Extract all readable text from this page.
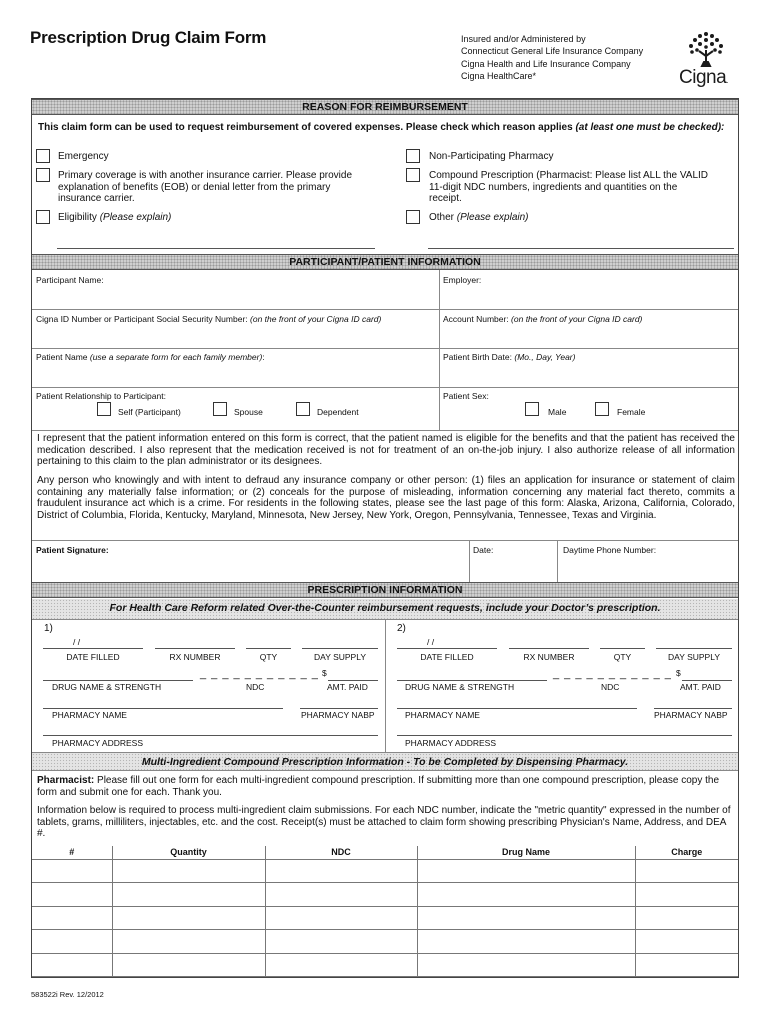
Prescription Drug Claim Form	Insured and/or Administered by
Connecticut General Life Insurance Company
Cigna Health and Life Insurance Company
Cigna HealthCare*	Cigna.
REASON FOR REIMBURSEMENT
This claim form can be used to request reimbursement of covered expenses. Please check which reason applies (at least one must be checked):
Emergency
Primary coverage is with another insurance carrier. Please provide explanation of benefits (EOB) or denial letter from the primary insurance carrier.
Eligibility (Please explain)
Non-Participating Pharmacy
Compound Prescription (Pharmacist: Please list ALL the VALID 11-digit NDC numbers, ingredients and quantities on the receipt.
Other (Please explain)
PARTICIPANT/PATIENT INFORMATION
Participant Name:	Employer:
Cigna ID Number or Participant Social Security Number: (on the front of your Cigna ID card)	Account Number: (on the front of your Cigna ID card)
Patient Name (use a separate form for each family member):	Patient Birth Date: (Mo., Day, Year)
Patient Relationship to Participant:
Self (Participant)	Spouse	Dependent
Patient Sex:
Male	Female
I represent that the patient information entered on this form is correct, that the patient named is eligible for the benefits and that the patient has received the medication described. I also represent that the medication received is not for treatment of an on-the-job injury. I also authorize release of all information pertaining to this claim to the plan administrator or its designees.
Any person who knowingly and with intent to defraud any insurance company or other person: (1) files an application for insurance or statement of claim containing any materially false information; or (2) conceals for the purpose of misleading, information concerning any material fact thereto, commits a fraudulent insurance act which is a crime. For residents in the following states, please see the last page of this form: Alaska, Arizona, California, Colorado, District of Columbia, Florida, Kentucky, Maryland, Minnesota, New Jersey, New York, Oregon, Pennsylvania, Tennessee, Texas and Virginia.
Patient Signature:	Date:	Daytime Phone Number:
PRESCRIPTION INFORMATION
For Health Care Reform related Over-the-Counter reimbursement requests, include your Doctor’s prescription.
1)
/ /
DATE FILLED	RX NUMBER	QTY	DAY SUPPLY
_ _ _ _ _ _ _ _ _ _ _ $
DRUG NAME & STRENGTH	NDC	AMT. PAID
PHARMACY NAME	PHARMACY NABP
PHARMACY ADDRESS
2)
/ /
DATE FILLED	RX NUMBER	QTY	DAY SUPPLY
_ _ _ _ _ _ _ _ _ _ _ $
DRUG NAME & STRENGTH	NDC	AMT. PAID
PHARMACY NAME	PHARMACY NABP
PHARMACY ADDRESS
Multi-Ingredient Compound Prescription Information - To be Completed by Dispensing Pharmacy.
Pharmacist: Please fill out one form for each multi-ingredient compound prescription. If submitting more than one compound prescription, please copy the form and submit one for each. Thank you.
Information below is required to process multi-ingredient claim submissions. For each NDC number, indicate the "metric quantity" expressed in the number of tablets, grams, milliliters, injectables, etc. and the cost. Receipt(s) must be attached to claim form showing prescribing Physician's Name, Address, and DEA #.
#	Quantity	NDC	Drug Name	Charge

583522i Rev. 12/2012
